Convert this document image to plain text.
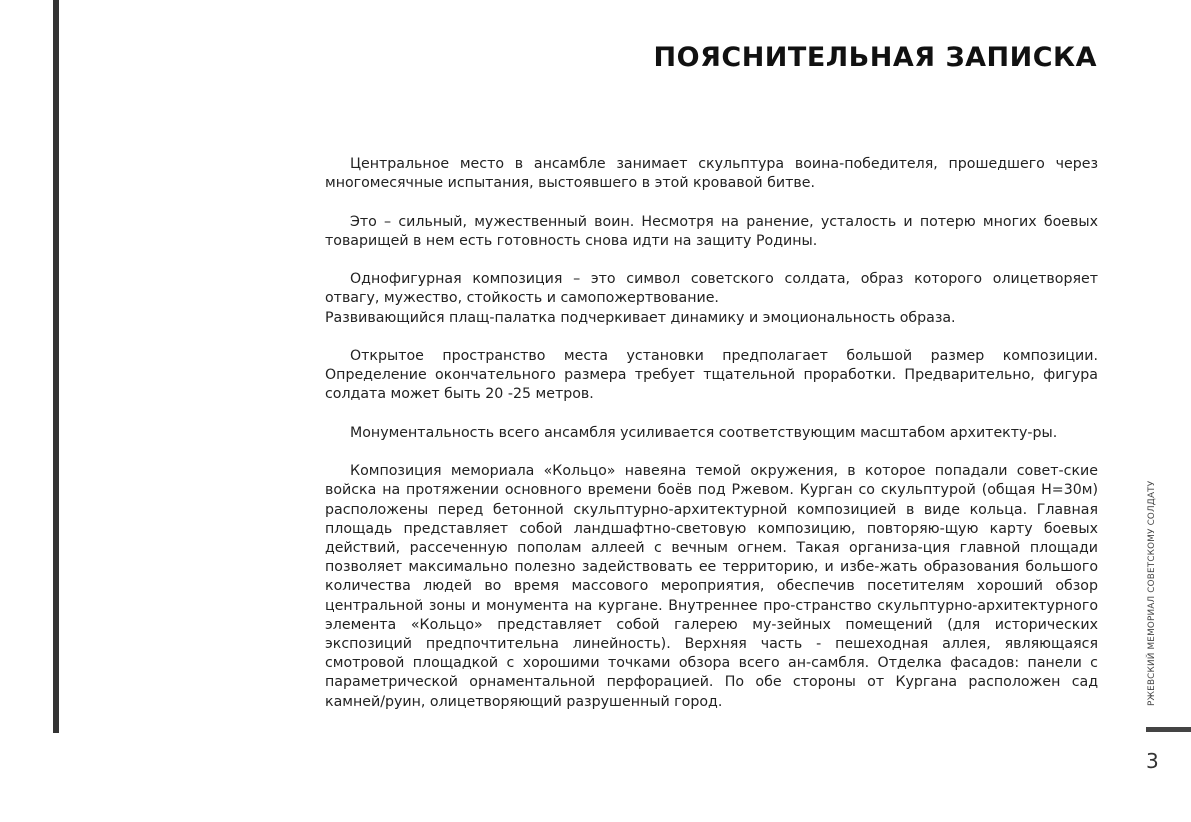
ПОЯСНИТЕЛЬНАЯ ЗАПИСКА

Центральное место в ансамбле занимает скульптура воина-победителя, прошедшего через многомесячные испытания, выстоявшего в этой кровавой битве.

Это – сильный, мужественный воин. Несмотря на ранение, усталость и потерю многих боевых товарищей в нем есть готовность снова идти на защиту Родины.

Однофигурная композиция – это символ советского солдата, образ которого олицетворяет отвагу, мужество, стойкость и самопожертвование.
Развивающийся плащ-палатка подчеркивает динамику и эмоциональность образа.

Открытое пространство места установки предполагает большой размер композиции. Определение окончательного размера требует тщательной проработки. Предварительно, фигура солдата может быть 20 -25 метров.

Монументальность всего ансамбля усиливается соответствующим масштабом архитекту-ры.

Композиция мемориала «Кольцо» навеяна темой окружения, в которое попадали совет-ские войска на протяжении основного времени боёв под Ржевом. Курган со скульптурой (общая Н=30м) расположены перед бетонной скульптурно-архитектурной композицией в виде кольца. Главная площадь представляет собой ландшафтно-световую композицию, повторяю-щую карту боевых действий, рассеченную пополам аллеей с вечным огнем. Такая организа-ция главной площади позволяет максимально полезно задействовать ее территорию, и избе-жать образования большого количества людей во время массового мероприятия, обеспечив посетителям хороший обзор центральной зоны и монумента на кургане. Внутреннее про-странство скульптурно-архитектурного элемента «Кольцо» представляет собой галерею му-зейных помещений (для исторических экспозиций предпочтительна линейность). Верхняя часть - пешеходная аллея, являющаяся смотровой площадкой с хорошими точками обзора всего ан-самбля. Отделка фасадов: панели с параметрической орнаментальной перфорацией. По обе стороны от Кургана расположен сад камней/руин, олицетворяющий разрушенный город.	РЖЕВСКИЙ МЕМОРИАЛ СОВЕТСКОМУ СОЛДАТУ
3
